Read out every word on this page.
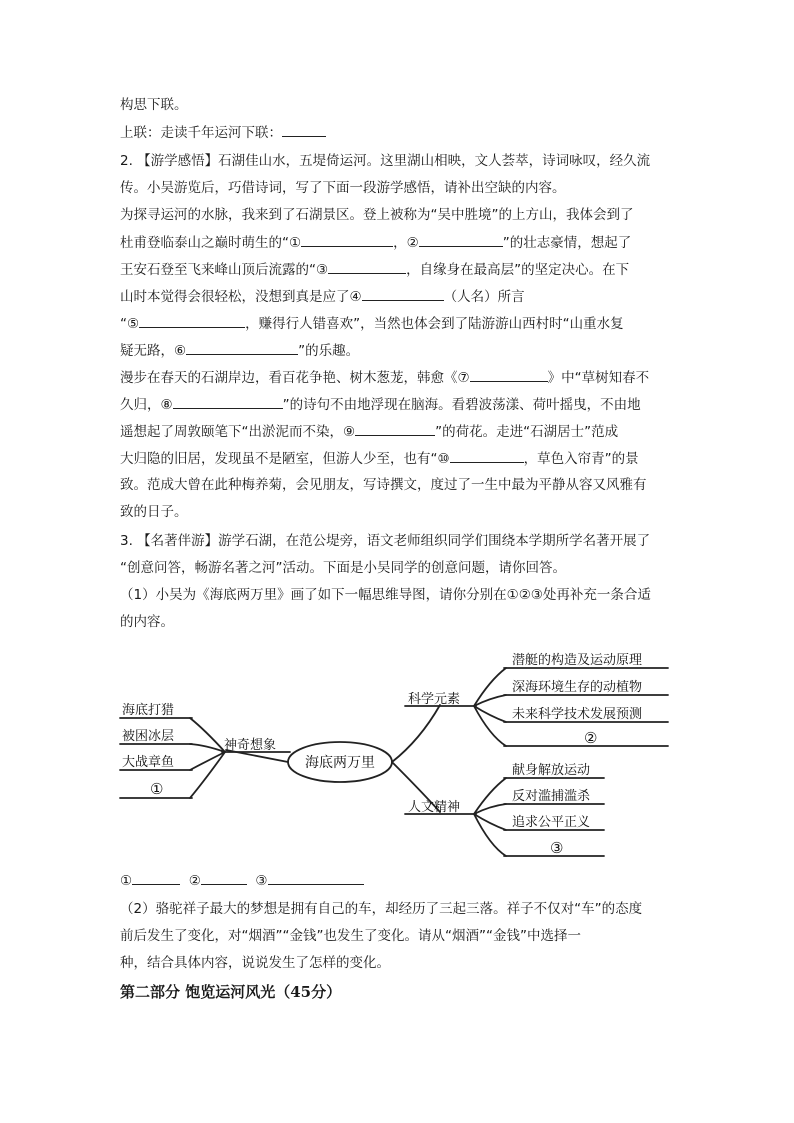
构思下联。
上联：走读千年运河下联：
2. 【游学感悟】石湖佳山水，五堤倚运河。这里湖山相映，文人荟萃，诗词咏叹，经久流
传。小吴游览后，巧借诗词，写了下面一段游学感悟，请补出空缺的内容。
为探寻运河的水脉，我来到了石湖景区。登上被称为“吴中胜境”的上方山，我体会到了
杜甫登临泰山之巅时萌生的“①	，②	”的壮志豪情，想起了
王安石登至飞来峰山顶后流露的“③	，自缘身在最高层”的坚定决心。在下
山时本觉得会很轻松，没想到真是应了④	（人名）所言
“⑤	，赚得行人错喜欢”，当然也体会到了陆游游山西村时“山重水复
疑无路，⑥	”的乐趣。
漫步在春天的石湖岸边，看百花争艳、树木葱茏，韩愈《⑦	》中“草树知春不
久归，⑧	”的诗句不由地浮现在脑海。看碧波荡漾、荷叶摇曳，不由地
遥想起了周敦颐笔下“出淤泥而不染，⑨	”的荷花。走进“石湖居士”范成
大归隐的旧居，发现虽不是陋室，但游人少至，也有“⑩	，草色入帘青”的景
致。范成大曾在此种梅养菊，会见朋友，写诗撰文，度过了一生中最为平静从容又风雅有
致的日子。
3. 【名著伴游】游学石湖，在范公堤旁，语文老师组织同学们围绕本学期所学名著开展了
“创意问答，畅游名著之河”活动。下面是小吴同学的创意问题，请你回答。
（1）小吴为《海底两万里》画了如下一幅思维导图，请你分别在①②③处再补充一条合适
的内容。
海底两万里
神奇想象
海底打猎
被困冰层
大战章鱼
①
科学元素
潜艇的构造及运动原理
深海环境生存的动植物
未来科学技术发展预测
②
人文精神
献身解放运动
反对滥捕滥杀
追求公平正义
③
①	②	③
（2）骆驼祥子最大的梦想是拥有自己的车，却经历了三起三落。祥子不仅对“车”的态度
前后发生了变化，对“烟酒”“金钱”也发生了变化。请从“烟酒”“金钱”中选择一
种，结合具体内容，说说发生了怎样的变化。
第二部分 饱览运河风光（45分）
